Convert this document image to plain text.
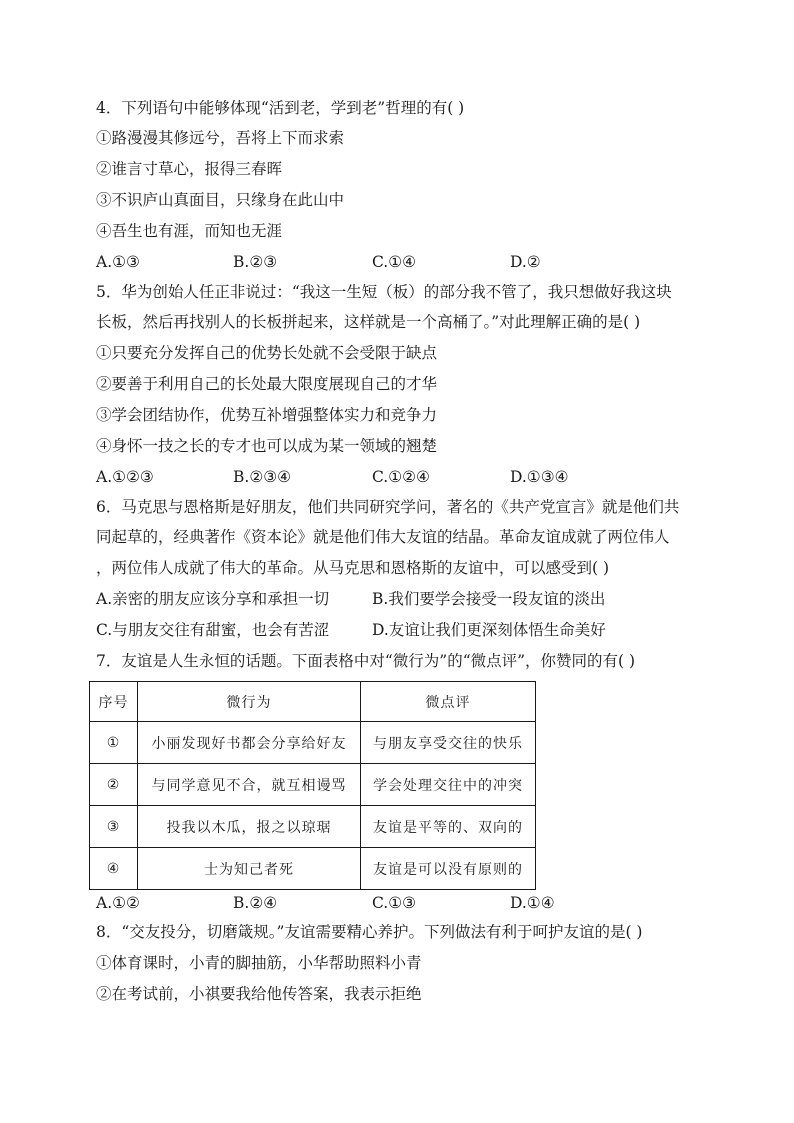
4．下列语句中能够体现“活到老，学到老”哲理的有( )
①路漫漫其修远兮，吾将上下而求索
②谁言寸草心，报得三春晖
③不识庐山真面目，只缘身在此山中
④吾生也有涯，而知也无涯
A.①③	B.②③	C.①④	D.②
5．华为创始人任正非说过：“我这一生短（板）的部分我不管了，我只想做好我这块
长板，然后再找别人的长板拼起来，这样就是一个高桶了。”对此理解正确的是( )
①只要充分发挥自己的优势长处就不会受限于缺点
②要善于利用自己的长处最大限度展现自己的才华
③学会团结协作，优势互补增强整体实力和竞争力
④身怀一技之长的专才也可以成为某一领域的翘楚
A.①②③	B.②③④	C.①②④	D.①③④
6．马克思与恩格斯是好朋友，他们共同研究学问，著名的《共产党宣言》就是他们共
同起草的，经典著作《资本论》就是他们伟大友谊的结晶。革命友谊成就了两位伟人
，两位伟人成就了伟大的革命。从马克思和恩格斯的友谊中，可以感受到( )
A.亲密的朋友应该分享和承担一切	B.我们要学会接受一段友谊的淡出
C.与朋友交往有甜蜜，也会有苦涩	D.友谊让我们更深刻体悟生命美好
7．友谊是人生永恒的话题。下面表格中对“微行为”的“微点评”，你赞同的有( )
序号	微行为	微点评
①	小丽发现好书都会分享给好友	与朋友享受交往的快乐
②	与同学意见不合，就互相谩骂	学会处理交往中的冲突
③	投我以木瓜，报之以琼琚	友谊是平等的、双向的
④	士为知己者死	友谊是可以没有原则的
A.①②	B.②④	C.①③	D.①④
8．“交友投分，切磨箴规。”友谊需要精心养护。下列做法有利于呵护友谊的是( )
①体育课时，小青的脚抽筋，小华帮助照料小青
②在考试前，小祺要我给他传答案，我表示拒绝
